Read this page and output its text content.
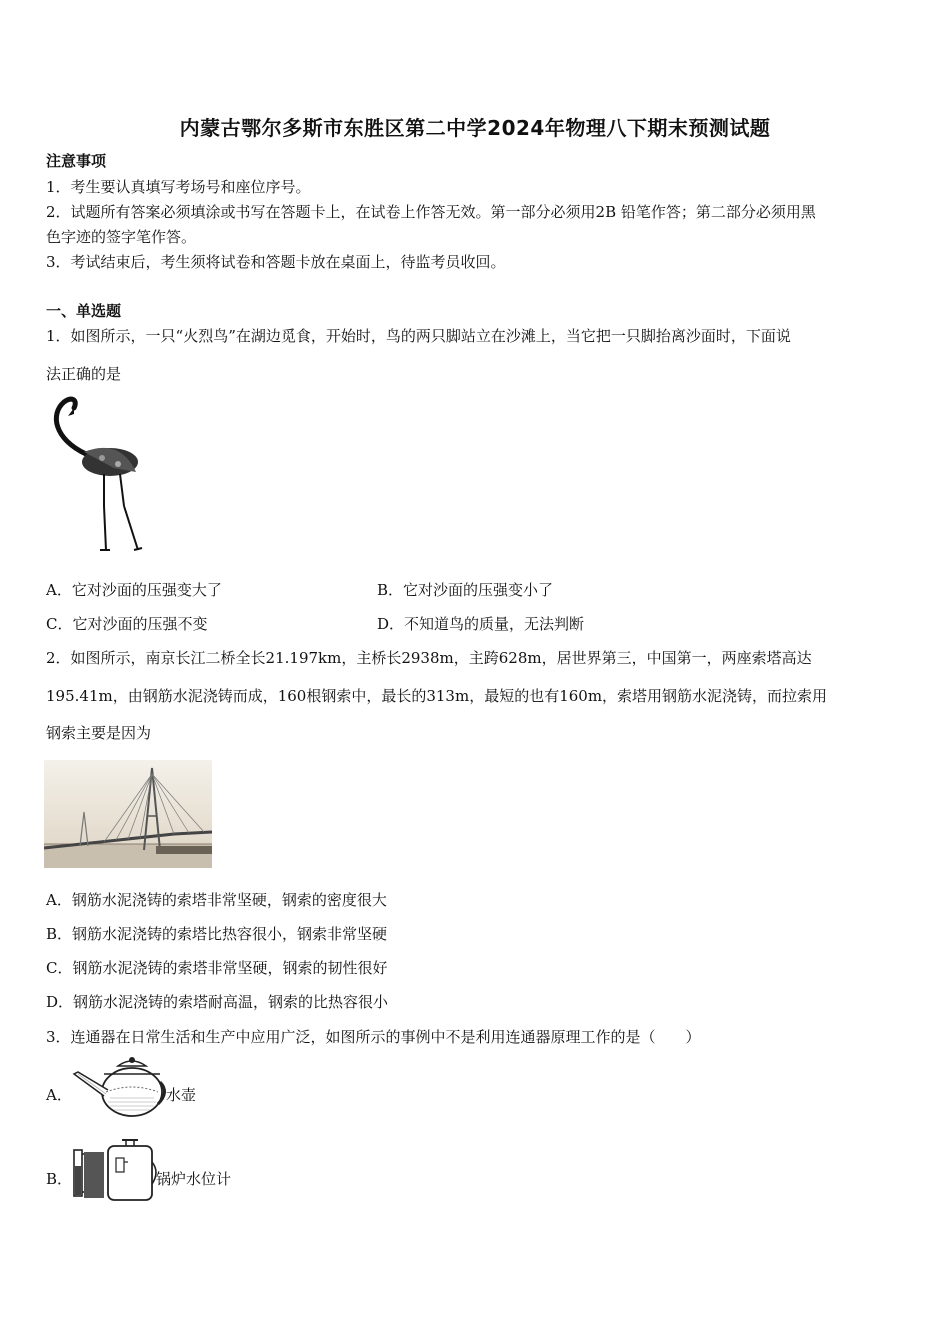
内蒙古鄂尔多斯市东胜区第二中学2024年物理八下期末预测试题
注意事项
1．考生要认真填写考场号和座位序号。
2．试题所有答案必须填涂或书写在答题卡上，在试卷上作答无效。第一部分必须用2B 铅笔作答；第二部分必须用黑
色字迹的签字笔作答。
3．考试结束后，考生须将试卷和答题卡放在桌面上，待监考员收回。
一、单选题
1．如图所示，一只“火烈鸟”在湖边觅食，开始时，鸟的两只脚站立在沙滩上，当它把一只脚抬离沙面时，下面说
法正确的是
A．它对沙面的压强变大了	B．它对沙面的压强变小了
C．它对沙面的压强不变	D．不知道鸟的质量，无法判断
2．如图所示，南京长江二桥全长21.197km，主桥长2938m，主跨628m，居世界第三，中国第一，两座索塔高达
195.41m，由钢筋水泥浇铸而成，160根钢索中，最长的313m，最短的也有160m，索塔用钢筋水泥浇铸，而拉索用
钢索主要是因为
A．钢筋水泥浇铸的索塔非常坚硬，钢索的密度很大
B．钢筋水泥浇铸的索塔比热容很小，钢索非常坚硬
C．钢筋水泥浇铸的索塔非常坚硬，钢索的韧性很好
D．钢筋水泥浇铸的索塔耐高温，钢索的比热容很小
3．连通器在日常生活和生产中应用广泛，如图所示的事例中不是利用连通器原理工作的是（　　）
A．	水壶
B．	锅炉水位计
